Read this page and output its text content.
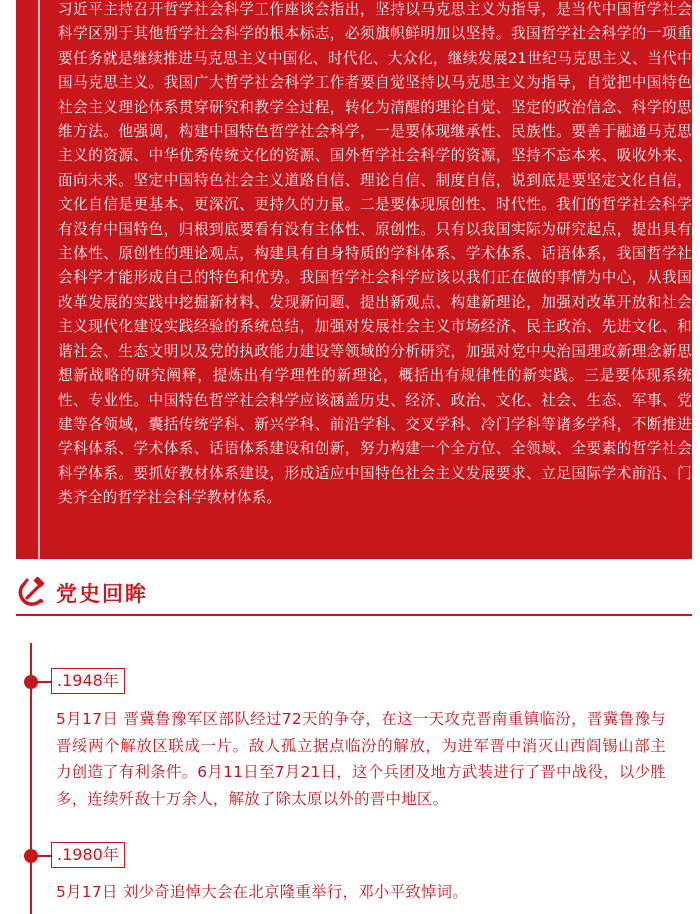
习近平主持召开哲学社会科学工作座谈会指出，坚持以马克思主义为指导，是当代中国哲学社会科学区别于其他哲学社会科学的根本标志，必须旗帜鲜明加以坚持。我国哲学社会科学的一项重要任务就是继续推进马克思主义中国化、时代化、大众化，继续发展21世纪马克思主义、当代中国马克思主义。我国广大哲学社会科学工作者要自觉坚持以马克思主义为指导，自觉把中国特色社会主义理论体系贯穿研究和教学全过程，转化为清醒的理论自觉、坚定的政治信念、科学的思维方法。他强调，构建中国特色哲学社会科学，一是要体现继承性、民族性。要善于融通马克思主义的资源、中华优秀传统文化的资源、国外哲学社会科学的资源，坚持不忘本来、吸收外来、面向未来。坚定中国特色社会主义道路自信、理论自信、制度自信，说到底是要坚定文化自信，文化自信是更基本、更深沉、更持久的力量。二是要体现原创性、时代性。我们的哲学社会科学有没有中国特色，归根到底要看有没有主体性、原创性。只有以我国实际为研究起点，提出具有主体性、原创性的理论观点，构建具有自身特质的学科体系、学术体系、话语体系，我国哲学社会科学才能形成自己的特色和优势。我国哲学社会科学应该以我们正在做的事情为中心，从我国改革发展的实践中挖掘新材料、发现新问题、提出新观点、构建新理论，加强对改革开放和社会主义现代化建设实践经验的系统总结，加强对发展社会主义市场经济、民主政治、先进文化、和谐社会、生态文明以及党的执政能力建设等领域的分析研究，加强对党中央治国理政新理念新思想新战略的研究阐释，提炼出有学理性的新理论，概括出有规律性的新实践。三是要体现系统性、专业性。中国特色哲学社会科学应该涵盖历史、经济、政治、文化、社会、生态、军事、党建等各领域，囊括传统学科、新兴学科、前沿学科、交叉学科、冷门学科等诸多学科，不断推进学科体系、学术体系、话语体系建设和创新，努力构建一个全方位、全领域、全要素的哲学社会科学体系。要抓好教材体系建设，形成适应中国特色社会主义发展要求、立足国际学术前沿、门类齐全的哲学社会科学教材体系。

党史回眸
.1948年

5月17日 晋冀鲁豫军区部队经过72天的争夺，在这一天攻克晋南重镇临汾，晋冀鲁豫与晋绥两个解放区联成一片。敌人孤立据点临汾的解放，为进军晋中消灭山西阎锡山部主力创造了有利条件。6月11日至7月21日，这个兵团及地方武装进行了晋中战役，以少胜多，连续歼敌十万余人，解放了除太原以外的晋中地区。

.1980年

5月17日 刘少奇追悼大会在北京隆重举行，邓小平致悼词。
